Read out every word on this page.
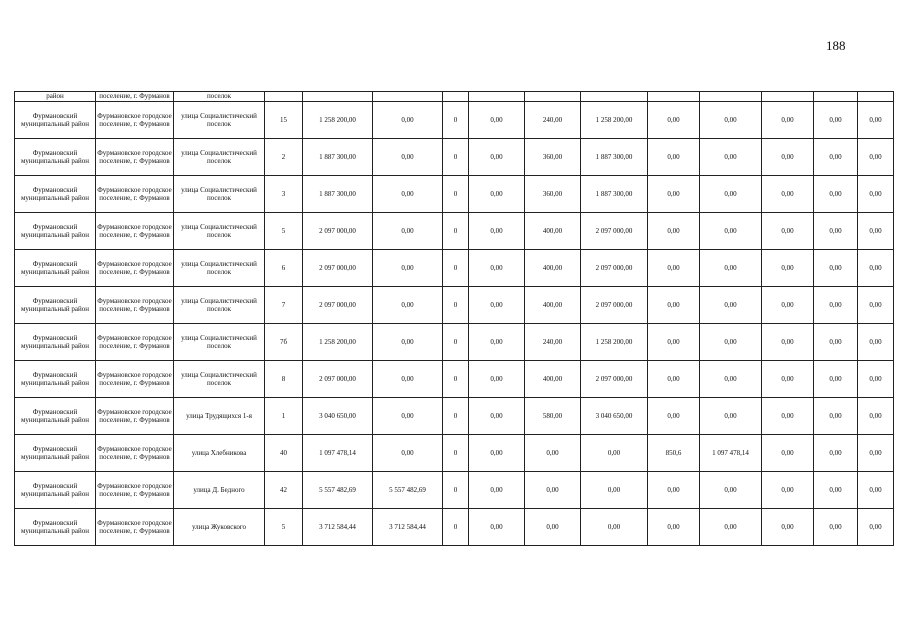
188
район	поселение, г. Фурманов	поселок												
Фурмановский муниципальный район	Фурмановское городское поселение, г. Фурманов	улица Социалистический поселок	15	1 258 200,00	0,00	0	0,00	240,00	1 258 200,00	0,00	0,00	0,00	0,00	0,00
Фурмановский муниципальный район	Фурмановское городское поселение, г. Фурманов	улица Социалистический поселок	2	1 887 300,00	0,00	0	0,00	360,00	1 887 300,00	0,00	0,00	0,00	0,00	0,00
Фурмановский муниципальный район	Фурмановское городское поселение, г. Фурманов	улица Социалистический поселок	3	1 887 300,00	0,00	0	0,00	360,00	1 887 300,00	0,00	0,00	0,00	0,00	0,00
Фурмановский муниципальный район	Фурмановское городское поселение, г. Фурманов	улица Социалистический поселок	5	2 097 000,00	0,00	0	0,00	400,00	2 097 000,00	0,00	0,00	0,00	0,00	0,00
Фурмановский муниципальный район	Фурмановское городское поселение, г. Фурманов	улица Социалистический поселок	6	2 097 000,00	0,00	0	0,00	400,00	2 097 000,00	0,00	0,00	0,00	0,00	0,00
Фурмановский муниципальный район	Фурмановское городское поселение, г. Фурманов	улица Социалистический поселок	7	2 097 000,00	0,00	0	0,00	400,00	2 097 000,00	0,00	0,00	0,00	0,00	0,00
Фурмановский муниципальный район	Фурмановское городское поселение, г. Фурманов	улица Социалистический поселок	7б	1 258 200,00	0,00	0	0,00	240,00	1 258 200,00	0,00	0,00	0,00	0,00	0,00
Фурмановский муниципальный район	Фурмановское городское поселение, г. Фурманов	улица Социалистический поселок	8	2 097 000,00	0,00	0	0,00	400,00	2 097 000,00	0,00	0,00	0,00	0,00	0,00
Фурмановский муниципальный район	Фурмановское городское поселение, г. Фурманов	улица Трудящихся 1-я	1	3 040 650,00	0,00	0	0,00	580,00	3 040 650,00	0,00	0,00	0,00	0,00	0,00
Фурмановский муниципальный район	Фурмановское городское поселение, г. Фурманов	улица Хлебникова	40	1 097 478,14	0,00	0	0,00	0,00	0,00	850,6	1 097 478,14	0,00	0,00	0,00
Фурмановский муниципальный район	Фурмановское городское поселение, г. Фурманов	улица Д. Бедного	42	5 557 482,69	5 557 482,69	0	0,00	0,00	0,00	0,00	0,00	0,00	0,00	0,00
Фурмановский муниципальный район	Фурмановское городское поселение, г. Фурманов	улица Жуковского	5	3 712 584,44	3 712 584,44	0	0,00	0,00	0,00	0,00	0,00	0,00	0,00	0,00
